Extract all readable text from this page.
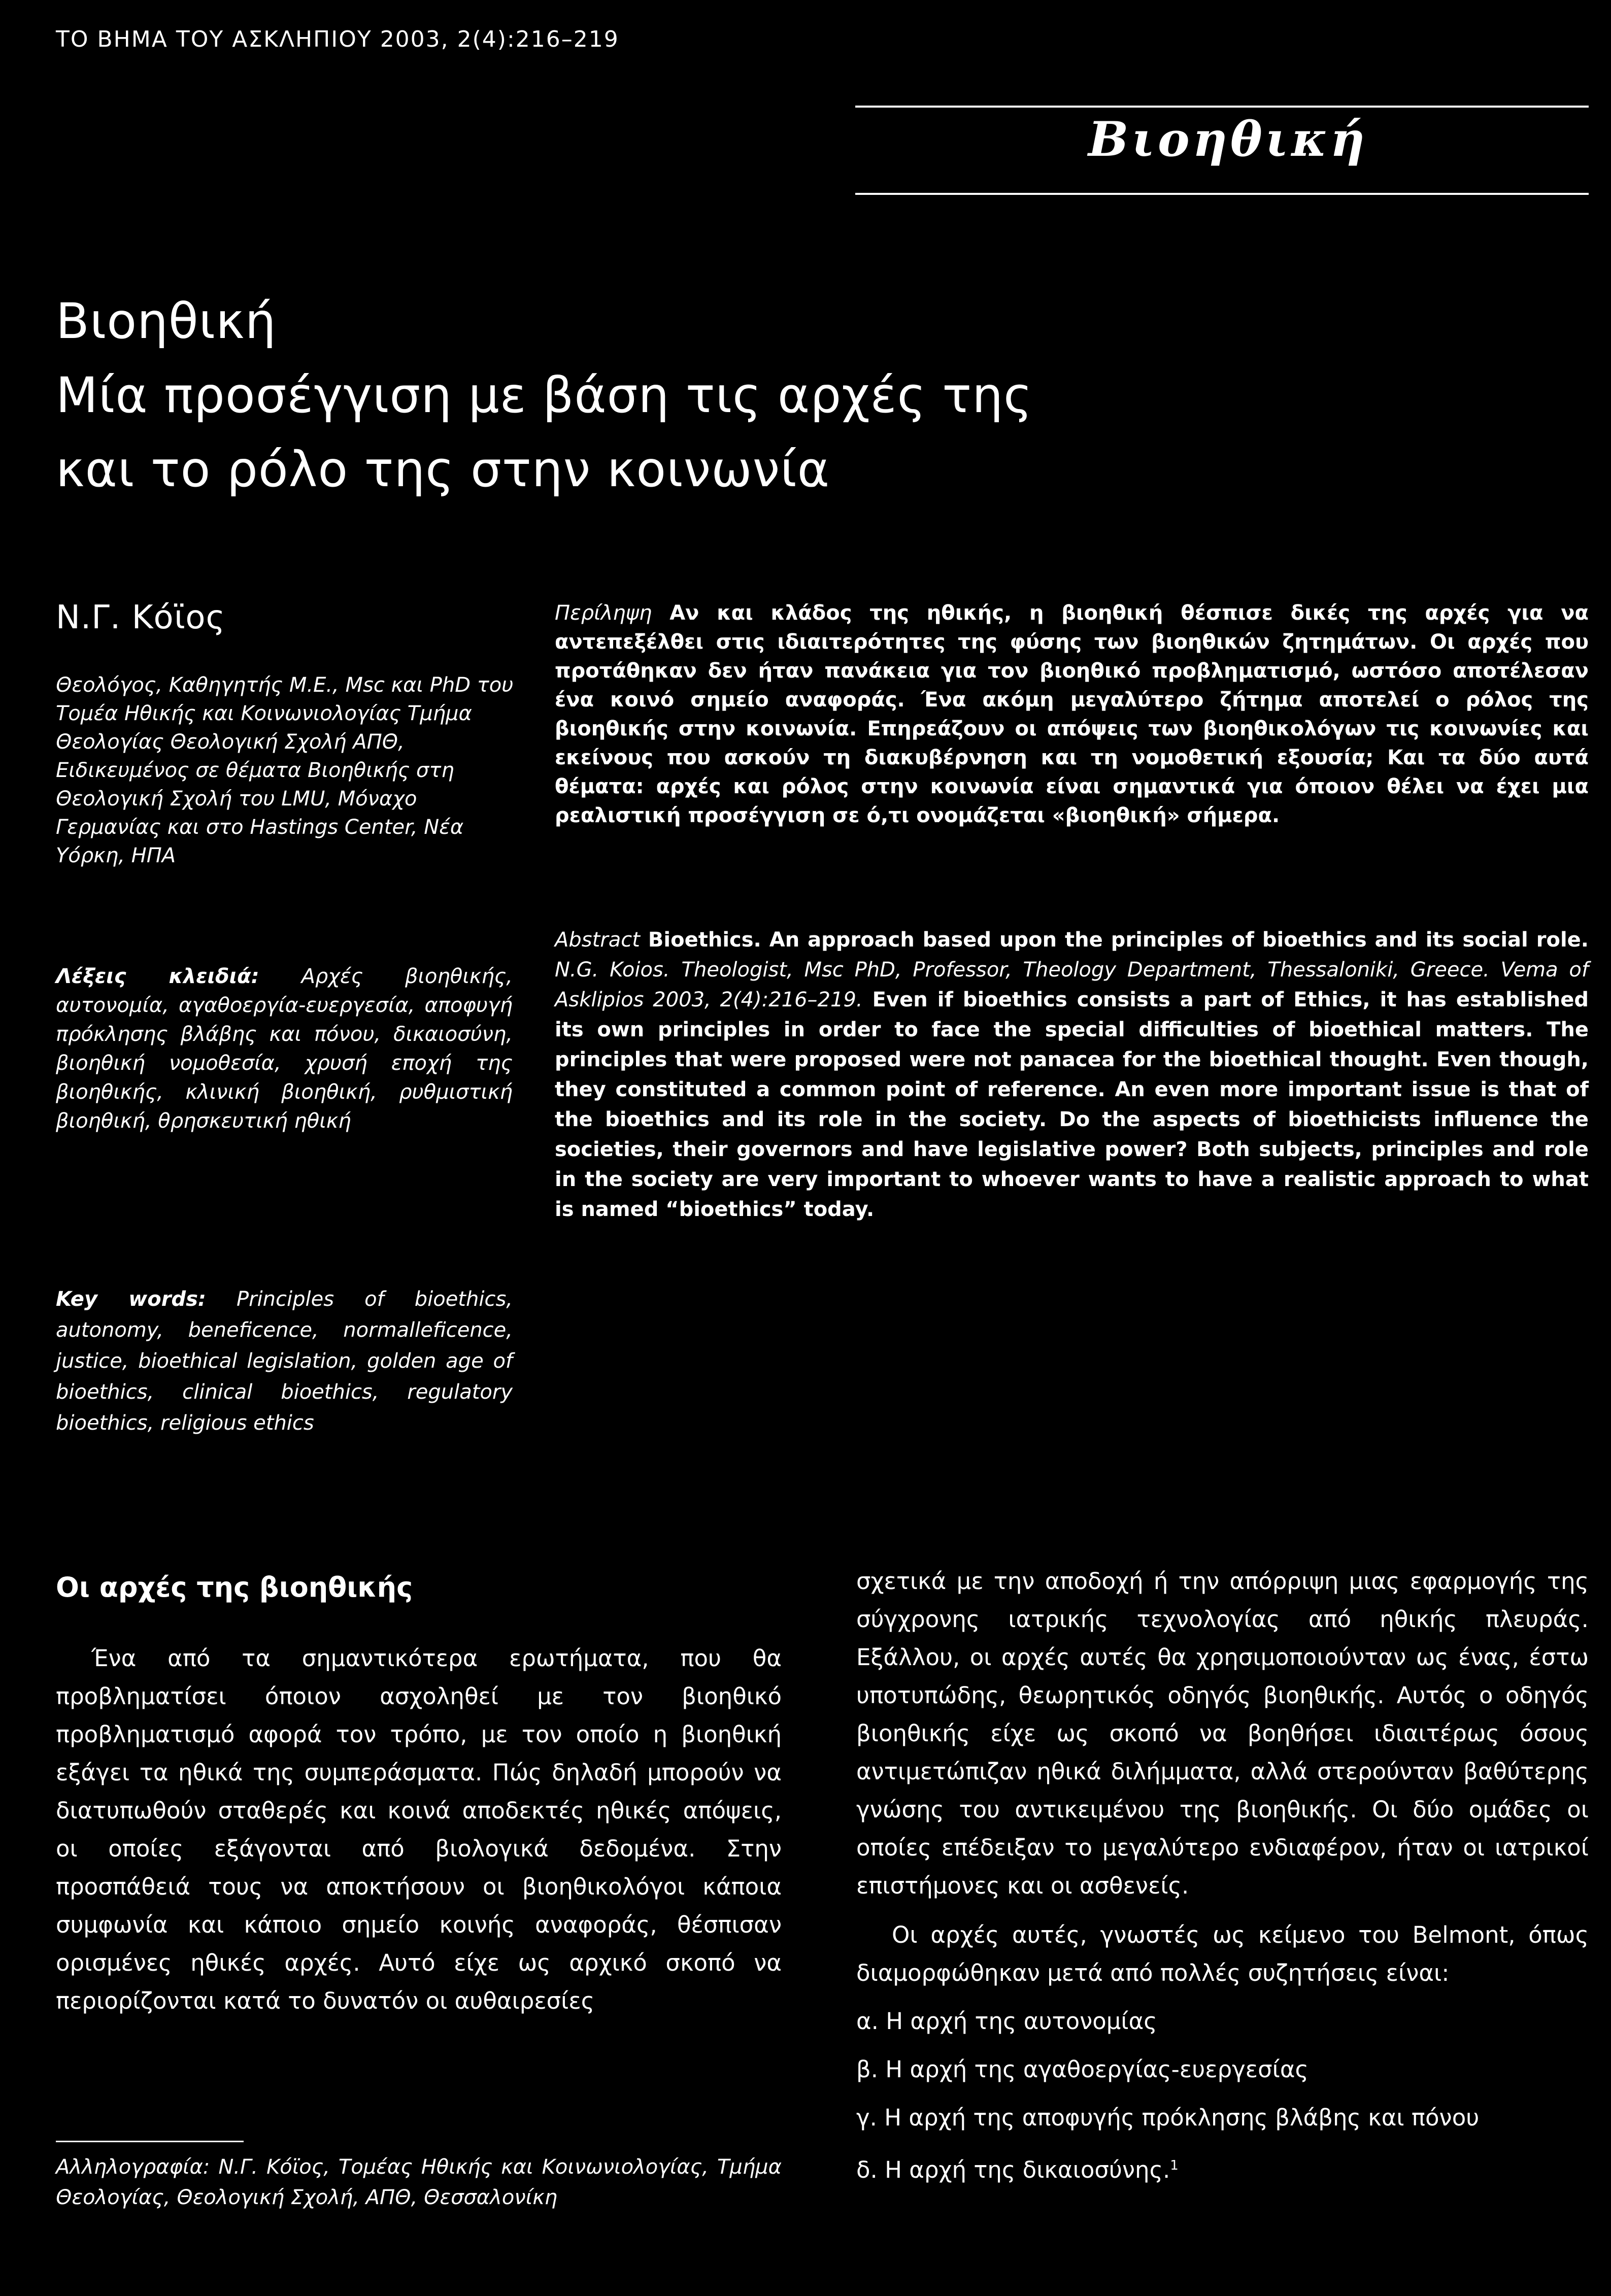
ΤΟ ΒΗΜΑ ΤΟΥ ΑΣΚΛΗΠΙΟΥ 2003, 2(4):216–219
Βιοηθική
Βιοηθική
Μία προσέγγιση με βάση τις αρχές της
και το ρόλο της στην κοινωνία
Ν.Γ. Κόϊος
Θεολόγος, Καθηγητής Μ.Ε., Msc και PhD του Τομέα Ηθικής και Κοινωνιολογίας Τμήμα Θεολογίας Θεολογική Σχολή ΑΠΘ, Ειδικευμένος σε θέματα Βιοηθικής στη Θεολογική Σχολή του LMU, Μόναχο Γερμανίας και στο Hastings Center, Νέα Υόρκη, ΗΠΑ
Λέξεις κλειδιά: Αρχές βιοηθικής, αυτονομία, αγαθοεργία-ευεργεσία, αποφυγή πρόκλησης βλάβης και πόνου, δικαιοσύνη, βιοηθική νομοθεσία, χρυσή εποχή της βιοηθικής, κλινική βιοηθική, ρυθμιστική βιοηθική, θρησκευτική ηθική
Key words: Principles of bioethics, autonomy, beneficence, normalleficence, justice, bioethical legislation, golden age of bioethics, clinical bioethics, regulatory bioethics, religious ethics
Περίληψη Αν και κλάδος της ηθικής, η βιοηθική θέσπισε δικές της αρχές για να αντεπεξέλθει στις ιδιαιτερότητες της φύσης των βιοηθικών ζητημάτων. Οι αρχές που προτάθηκαν δεν ήταν πανάκεια για τον βιοηθικό προβληματισμό, ωστόσο αποτέλεσαν ένα κοινό σημείο αναφοράς. Ένα ακόμη μεγαλύτερο ζήτημα αποτελεί ο ρόλος της βιοηθικής στην κοινωνία. Επηρεάζουν οι απόψεις των βιοηθικολόγων τις κοινωνίες και εκείνους που ασκούν τη διακυβέρνηση και τη νομοθετική εξουσία; Και τα δύο αυτά θέματα: αρχές και ρόλος στην κοινωνία είναι σημαντικά για όποιον θέλει να έχει μια ρεαλιστική προσέγγιση σε ό,τι ονομάζεται «βιοηθική» σήμερα.
Abstract Bioethics. An approach based upon the principles of bioethics and its social role. N.G. Koios. Theologist, Msc PhD, Professor, Theology Department, Thessaloniki, Greece. Vema of Asklipios 2003, 2(4):216–219. Even if bioethics consists a part of Ethics, it has established its own principles in order to face the special difficulties of bioethical matters. The principles that were proposed were not panacea for the bioethical thought. Even though, they constituted a common point of reference. An even more important issue is that of the bioethics and its role in the society. Do the aspects of bioethicists influence the societies, their governors and have legislative power? Both subjects, principles and role in the society are very important to whoever wants to have a realistic approach to what is named “bioethics” today.
Οι αρχές της βιοηθικής

Ένα από τα σημαντικότερα ερωτήματα, που θα προβληματίσει όποιον ασχοληθεί με τον βιοηθικό προβληματισμό αφορά τον τρόπο, με τον οποίο η βιοηθική εξάγει τα ηθικά της συμπεράσματα. Πώς δηλαδή μπορούν να διατυπωθούν σταθερές και κοινά αποδεκτές ηθικές απόψεις, οι οποίες εξάγονται από βιολογικά δεδομένα. Στην προσπάθειά τους να αποκτήσουν οι βιοηθικολόγοι κάποια συμφωνία και κάποιο σημείο κοινής αναφοράς, θέσπισαν ορισμένες ηθικές αρχές. Αυτό είχε ως αρχικό σκοπό να περιορίζονται κατά το δυνατόν οι αυθαιρεσίες

σχετικά με την αποδοχή ή την απόρριψη μιας εφαρμογής της σύγχρονης ιατρικής τεχνολογίας από ηθικής πλευράς. Εξάλλου, οι αρχές αυτές θα χρησιμοποιούνταν ως ένας, έστω υποτυπώδης, θεωρητικός οδηγός βιοηθικής. Αυτός ο οδηγός βιοηθικής είχε ως σκοπό να βοηθήσει ιδιαιτέρως όσους αντιμετώπιζαν ηθικά διλήμματα, αλλά στερούνταν βαθύτερης γνώσης του αντικειμένου της βιοηθικής. Οι δύο ομάδες οι οποίες επέδειξαν το μεγαλύτερο ενδιαφέρον, ήταν οι ιατρικοί επιστήμονες και οι ασθενείς.

Οι αρχές αυτές, γνωστές ως κείμενο του Belmont, όπως διαμορφώθηκαν μετά από πολλές συζητήσεις είναι:

α. Η αρχή της αυτονομίας
β. Η αρχή της αγαθοεργίας-ευεργεσίας
γ. Η αρχή της αποφυγής πρόκλησης βλάβης και πόνου
δ. Η αρχή της δικαιοσύνης.$^1$
Αλληλογραφία: Ν.Γ. Κόϊος, Τομέας Ηθικής και Κοινωνιολογίας, Τμήμα Θεολογίας, Θεολογική Σχολή, ΑΠΘ, Θεσσαλονίκη
